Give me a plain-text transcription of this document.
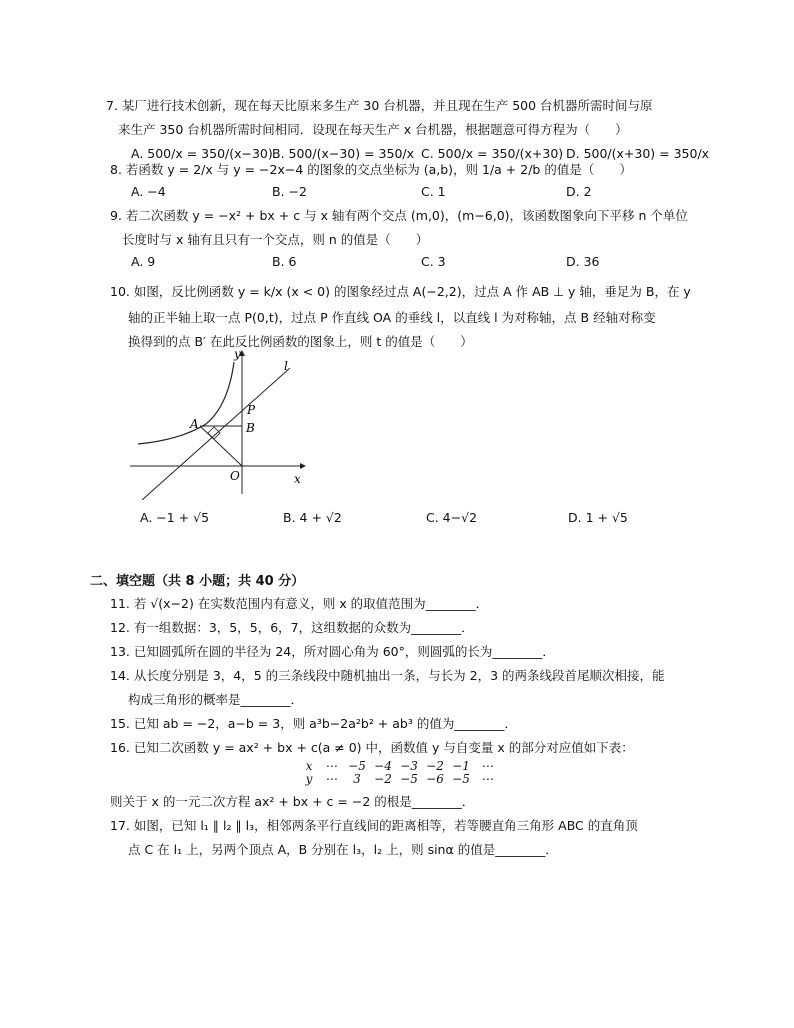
7. 某厂进行技术创新，现在每天比原来多生产 30 台机器，并且现在生产 500 台机器所需时间与原
来生产 350 台机器所需时间相同．设现在每天生产 x 台机器，根据题意可得方程为（　　）
A. 500/x = 350/(x−30) B. 500/(x−30) = 350/x C. 500/x = 350/(x+30) D. 500/(x+30) = 350/x
8. 若函数 y = 2/x 与 y = −2x−4 的图象的交点坐标为 (a,b)，则 1/a + 2/b 的值是（　　）
A. −4	B. −2	C. 1	D. 2
9. 若二次函数 y = −x² + bx + c 与 x 轴有两个交点 (m,0)，(m−6,0)，该函数图象向下平移 n 个单位
长度时与 x 轴有且只有一个交点，则 n 的值是（　　）
A. 9	B. 6	C. 3	D. 36
10. 如图，反比例函数 y = k/x (x < 0) 的图象经过点 A(−2,2)，过点 A 作 AB ⊥ y 轴，垂足为 B，在 y
轴的正半轴上取一点 P(0,t)，过点 P 作直线 OA 的垂线 l，以直线 l 为对称轴，点 B 经轴对称变
换得到的点 B′ 在此反比例函数的图象上，则 t 的值是（　　）
y
l
P
A	B
O	x
A. −1 + √5	B. 4 + √2	C. 4−√2	D. 1 + √5
二、填空题（共 8 小题；共 40 分）
11. 若 √(x−2) 在实数范围内有意义，则 x 的取值范围为________．
12. 有一组数据：3，5，5，6，7，这组数据的众数为________．
13. 已知圆弧所在圆的半径为 24，所对圆心角为 60°，则圆弧的长为________．
14. 从长度分别是 3，4，5 的三条线段中随机抽出一条，与长为 2，3 的两条线段首尾顺次相接，能
构成三角形的概率是________．
15. 已知 ab = −2，a−b = 3，则 a³b−2a²b² + ab³ 的值为________．
16. 已知二次函数 y = ax² + bx + c(a ≠ 0) 中，函数值 y 与自变量 x 的部分对应值如下表：
x ⋯ −5 −4 −3 −2 −1 ⋯
y ⋯ 3 −2 −5 −6 −5 ⋯
则关于 x 的一元二次方程 ax² + bx + c = −2 的根是________．
17. 如图，已知 l₁ ∥ l₂ ∥ l₃，相邻两条平行直线间的距离相等，若等腰直角三角形 ABC 的直角顶
点 C 在 l₁ 上，另两个顶点 A，B 分别在 l₃，l₂ 上，则 sinα 的值是________．
